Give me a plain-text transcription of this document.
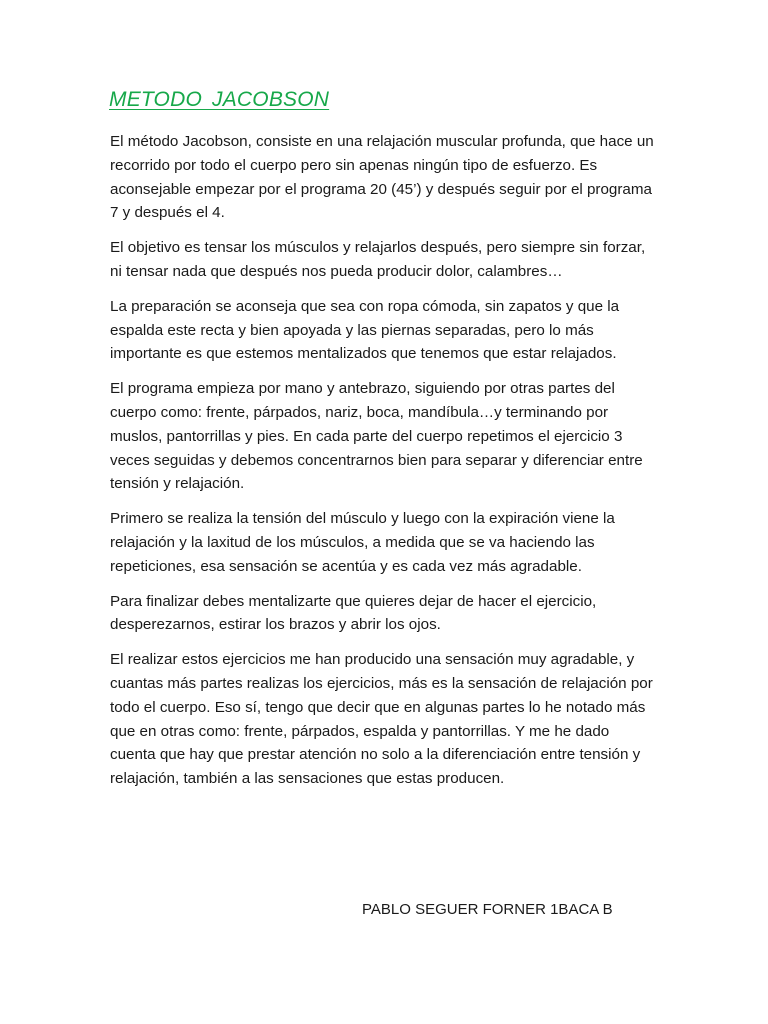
METODO JACOBSON

El método Jacobson, consiste en una relajación muscular profunda, que hace un recorrido por todo el cuerpo pero sin apenas ningún tipo de esfuerzo. Es aconsejable empezar por el programa 20 (45’) y después seguir por el programa 7 y después el 4.

El objetivo es tensar los músculos y relajarlos después, pero siempre sin forzar, ni tensar nada que después nos pueda producir dolor, calambres…

La preparación se aconseja que sea con ropa cómoda, sin zapatos y que la espalda este recta y bien apoyada y las piernas separadas, pero lo más importante es que estemos mentalizados que tenemos que estar relajados.

El programa empieza por mano y antebrazo, siguiendo por otras partes del cuerpo como: frente, párpados, nariz, boca, mandíbula…y terminando por muslos, pantorrillas y pies. En cada parte del cuerpo repetimos el ejercicio 3 veces seguidas y debemos concentrarnos bien para separar y diferenciar entre tensión y relajación.

Primero se realiza la tensión del músculo y luego con la expiración viene la relajación y la laxitud de los músculos, a medida que se va haciendo las repeticiones, esa sensación se acentúa y es cada vez más agradable.

Para finalizar debes mentalizarte que quieres dejar de hacer el ejercicio, desperezarnos, estirar los brazos y abrir los ojos.

El realizar estos ejercicios me han producido una sensación muy agradable, y cuantas más partes realizas los ejercicios, más es la sensación de relajación por todo el cuerpo. Eso sí, tengo que decir que en algunas partes lo he notado más que en otras como: frente, párpados, espalda y pantorrillas. Y me he dado cuenta que hay que prestar atención no solo a la diferenciación entre tensión y relajación, también a las sensaciones que estas producen.

PABLO SEGUER FORNER 1BACA B
